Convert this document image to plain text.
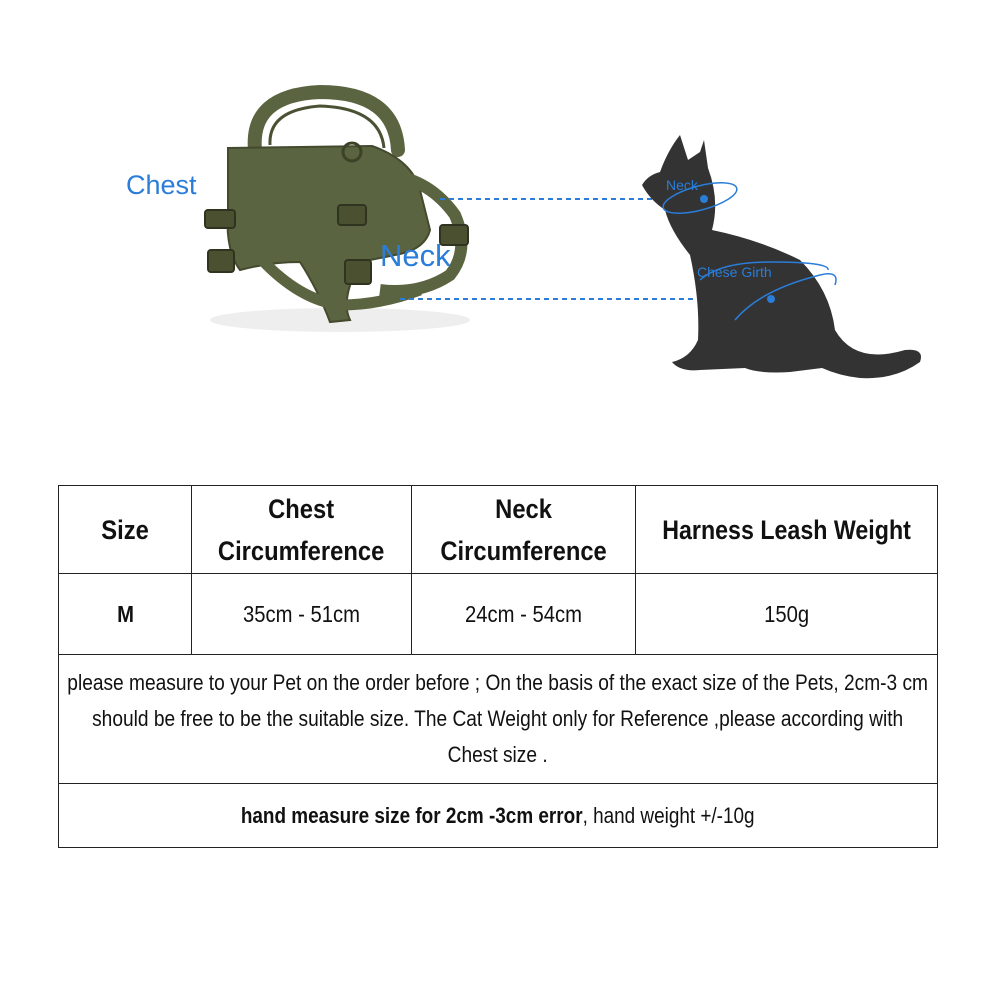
Chest
Neck
Neck
Chese Girth
Size	Chest Circumference	Neck Circumference	Harness Leash Weight
M	35cm - 51cm	24cm - 54cm	150g
please measure to your Pet on the order before ; On the basis of the exact size of the Pets, 2cm-3 cm should be free to be the suitable size. The Cat Weight only for Reference ,please according with Chest size .			
hand measure size for 2cm -3cm error, hand weight +/-10g			
